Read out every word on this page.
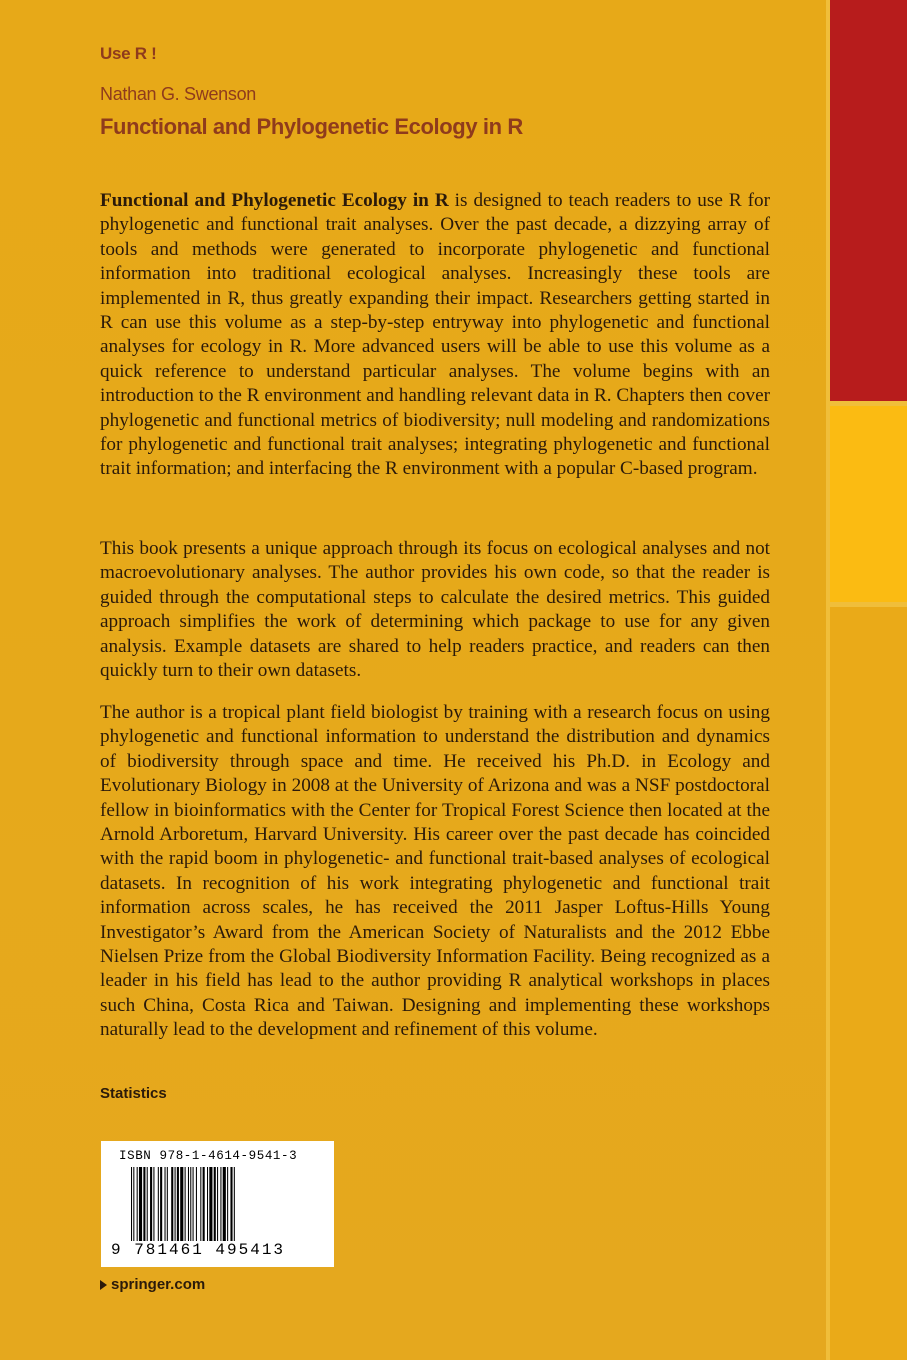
Use R !
Nathan G. Swenson
Functional and Phylogenetic Ecology in R

Functional and Phylogenetic Ecology in R is designed to teach readers to use R for phylogenetic and functional trait analyses. Over the past decade, a dizzying array of tools and methods were generated to incorporate phylogenetic and functional information into traditional ecological analyses. Increasingly these tools are implemented in R, thus greatly expanding their impact. Researchers getting started in R can use this volume as a step-by-step entryway into phylogenetic and functional analyses for ecology in R. More advanced users will be able to use this volume as a quick reference to understand particular analyses. The volume begins with an introduction to the R environment and handling relevant data in R. Chapters then cover phylogenetic and functional metrics of biodiversity; null modeling and randomizations for phylogenetic and functional trait analyses; integrating phylogenetic and functional trait information; and interfacing the R environment with a popular C-based program.

This book presents a unique approach through its focus on ecological analyses and not macroevolutionary analyses. The author provides his own code, so that the reader is guided through the computational steps to calculate the desired metrics. This guided approach simplifies the work of determining which package to use for any given analysis. Example datasets are shared to help readers practice, and readers can then quickly turn to their own datasets.

The author is a tropical plant field biologist by training with a research focus on using phylogenetic and functional information to understand the distribution and dynamics of biodiversity through space and time. He received his Ph.D. in Ecology and Evolutionary Biology in 2008 at the University of Arizona and was a NSF postdoctoral fellow in bioinformatics with the Center for Tropical Forest Science then located at the Arnold Arboretum, Harvard University. His career over the past decade has coincided with the rapid boom in phylogenetic- and functional trait-based analyses of ecological datasets. In recognition of his work integrating phylogenetic and functional trait information across scales, he has received the 2011 Jasper Loftus-Hills Young Investigator’s Award from the American Society of Naturalists and the 2012 Ebbe Nielsen Prize from the Global Biodiversity Information Facility. Being recognized as a leader in his field has lead to the author providing R analytical workshops in places such China, Costa Rica and Taiwan. Designing and implementing these workshops naturally lead to the development and refinement of this volume.

Statistics
ISBN 978-1-4614-9541-3
9 781461 495413
springer.com
